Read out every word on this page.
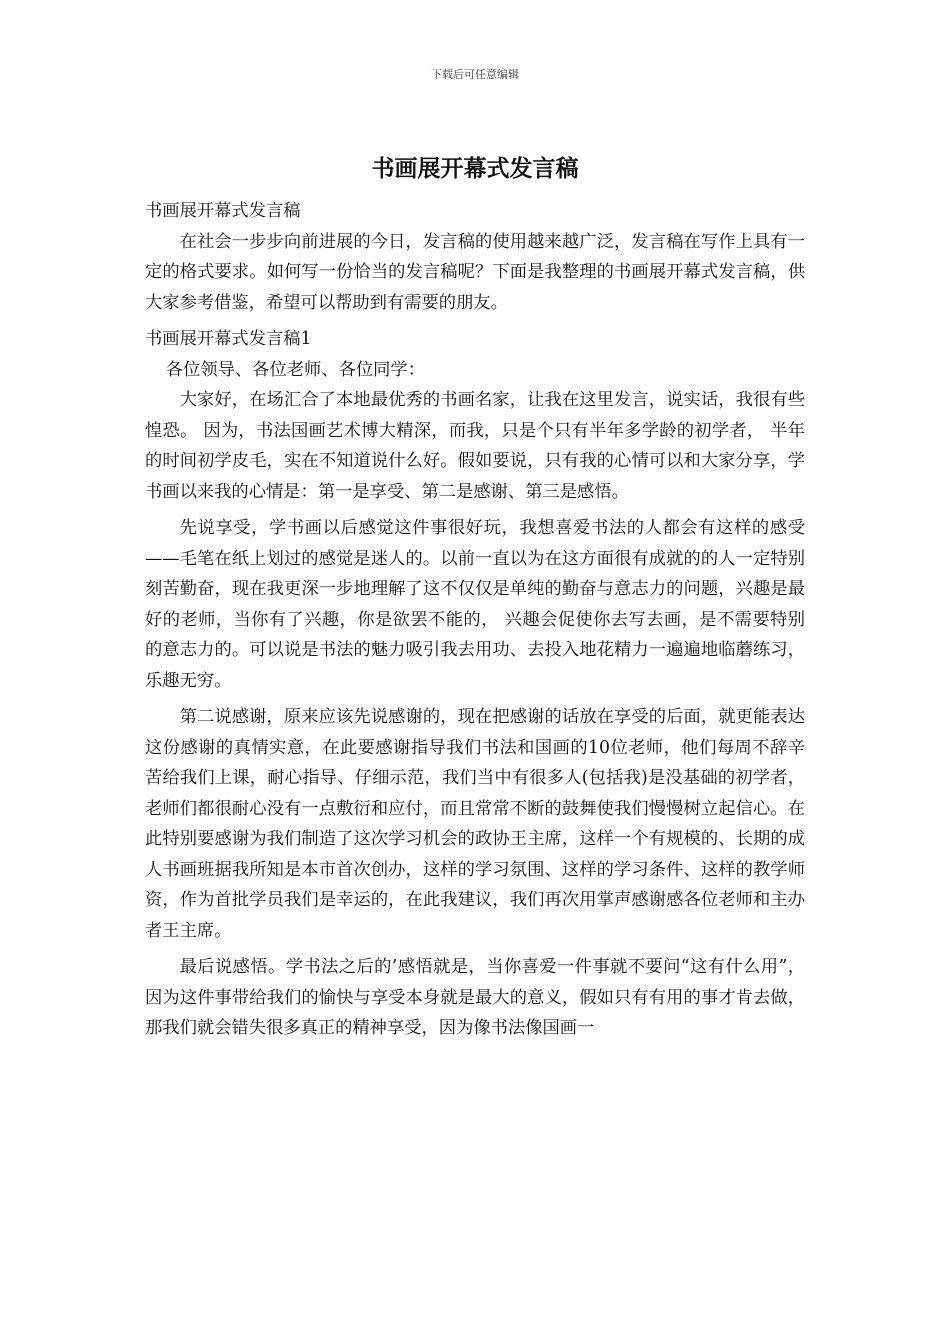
下载后可任意编辑
书画展开幕式发言稿

书画展开幕式发言稿

在社会一步步向前进展的今日，发言稿的使用越来越广泛，发言稿在写作上具有一定的格式要求。如何写一份恰当的发言稿呢？下面是我整理的书画展开幕式发言稿，供大家参考借鉴，希望可以帮助到有需要的朋友。

书画展开幕式发言稿1

各位领导、各位老师、各位同学：

大家好，在场汇合了本地最优秀的书画名家，让我在这里发言，说实话，我很有些惶恐。 因为，书法国画艺术博大精深，而我，只是个只有半年多学龄的初学者， 半年的时间初学皮毛，实在不知道说什么好。假如要说，只有我的心情可以和大家分享，学书画以来我的心情是：第一是享受、第二是感谢、第三是感悟。

先说享受，学书画以后感觉这件事很好玩，我想喜爱书法的人都会有这样的感受——毛笔在纸上划过的感觉是迷人的。以前一直以为在这方面很有成就的的人一定特别刻苦勤奋，现在我更深一步地理解了这不仅仅是单纯的勤奋与意志力的问题，兴趣是最好的老师，当你有了兴趣，你是欲罢不能的， 兴趣会促使你去写去画，是不需要特别的意志力的。可以说是书法的魅力吸引我去用功、去投入地花精力一遍遍地临蘑练习，乐趣无穷。

第二说感谢，原来应该先说感谢的，现在把感谢的话放在享受的后面，就更能表达这份感谢的真情实意，在此要感谢指导我们书法和国画的10位老师，他们每周不辞辛苦给我们上课，耐心指导、仔细示范，我们当中有很多人(包括我)是没基础的初学者，老师们都很耐心没有一点敷衍和应付，而且常常不断的鼓舞使我们慢慢树立起信心。在此特别要感谢为我们制造了这次学习机会的政协王主席，这样一个有规模的、长期的成人书画班据我所知是本市首次创办，这样的学习氛围、这样的学习条件、这样的教学师资，作为首批学员我们是幸运的，在此我建议，我们再次用掌声感谢感各位老师和主办者王主席。

最后说感悟。学书法之后的’感悟就是，当你喜爱一件事就不要问“这有什么用”， 因为这件事带给我们的愉快与享受本身就是最大的意义，假如只有有用的事才肯去做，那我们就会错失很多真正的精神享受，因为像书法像国画一
